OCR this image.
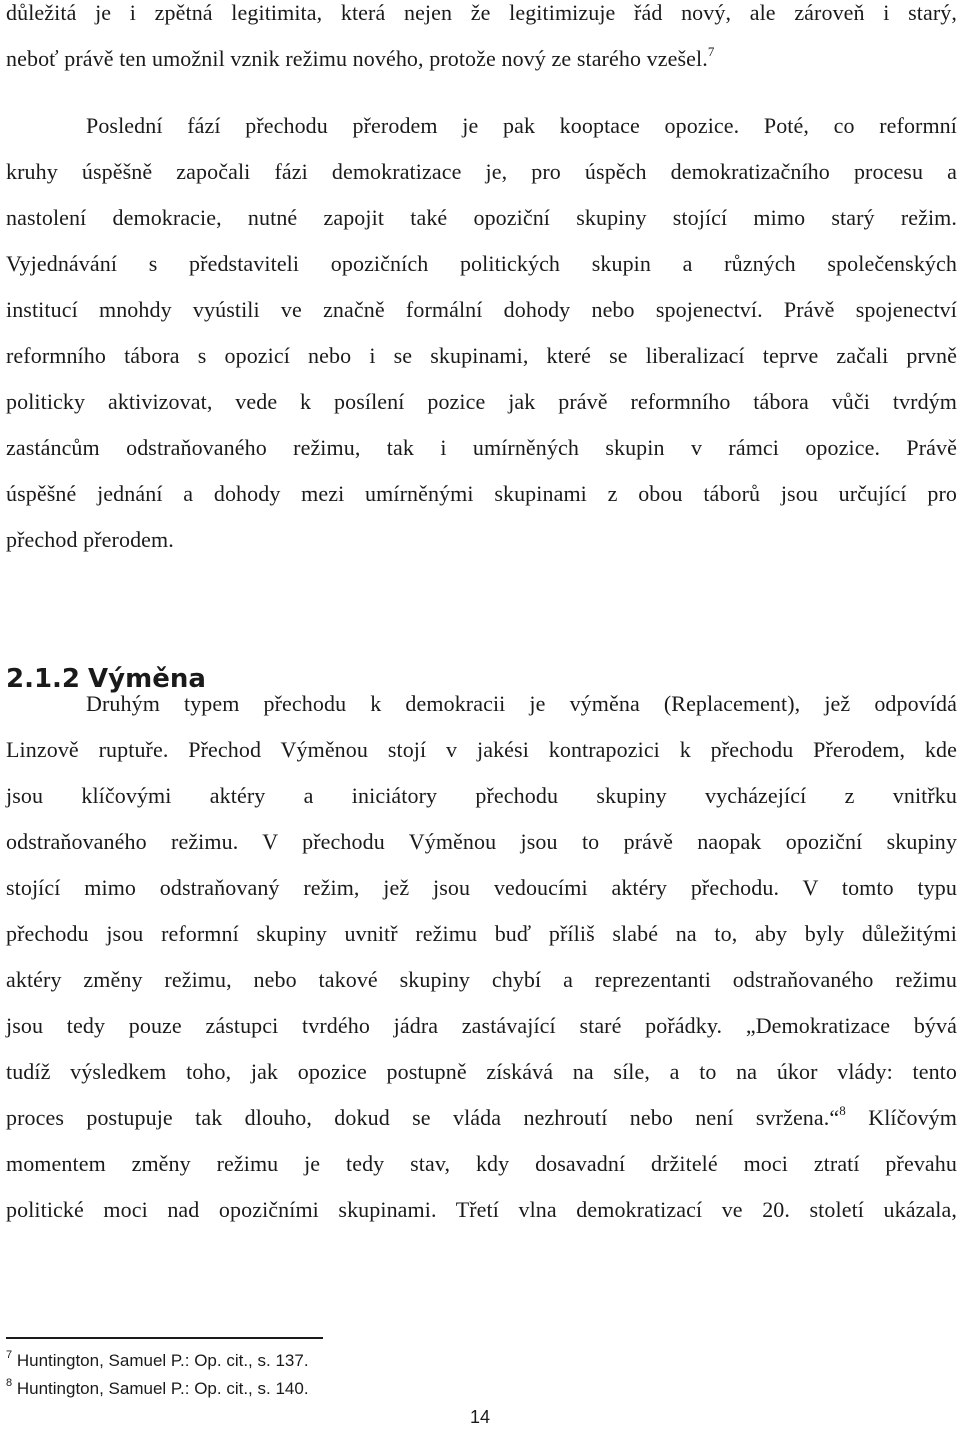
důležitá je i zpětná legitimita, která nejen že legitimizuje řád nový, ale zároveň i starý,
neboť právě ten umožnil vznik režimu nového, protože nový ze starého vzešel.$^7$

Poslední fází přechodu přerodem je pak kooptace opozice. Poté, co reformní
kruhy úspěšně započali fázi demokratizace je, pro úspěch demokratizačního procesu a
nastolení demokracie, nutné zapojit také opoziční skupiny stojící mimo starý režim.
Vyjednávání s představiteli opozičních politických skupin a různých společenských
institucí mnohdy vyústili ve značně formální dohody nebo spojenectví. Právě spojenectví
reformního tábora s opozicí nebo i se skupinami, které se liberalizací teprve začali prvně
politicky aktivizovat, vede k posílení pozice jak právě reformního tábora vůči tvrdým
zastáncům odstraňovaného režimu, tak i umírněných skupin v rámci opozice. Právě
úspěšné jednání a dohody mezi umírněnými skupinami z obou táborů jsou určující pro
přechod přerodem.

2.1.2 Výměna

Druhým typem přechodu k demokracii je výměna (Replacement), jež odpovídá
Linzově ruptuře. Přechod Výměnou stojí v jakési kontrapozici k přechodu Přerodem, kde
jsou klíčovými aktéry a iniciátory přechodu skupiny vycházející z vnitřku
odstraňovaného režimu. V přechodu Výměnou jsou to právě naopak opoziční skupiny
stojící mimo odstraňovaný režim, jež jsou vedoucími aktéry přechodu. V tomto typu
přechodu jsou reformní skupiny uvnitř režimu buď příliš slabé na to, aby byly důležitými
aktéry změny režimu, nebo takové skupiny chybí a reprezentanti odstraňovaného režimu
jsou tedy pouze zástupci tvrdého jádra zastávající staré pořádky. „Demokratizace bývá
tudíž výsledkem toho, jak opozice postupně získává na síle, a to na úkor vlády: tento
proces postupuje tak dlouho, dokud se vláda nezhroutí nebo není svržena.“$^8$ Klíčovým
momentem změny režimu je tedy stav, kdy dosavadní držitelé moci ztratí převahu
politické moci nad opozičními skupinami. Třetí vlna demokratizací ve 20. století ukázala,

$^7$ Huntington, Samuel P.: Op. cit., s. 137.
$^8$ Huntington, Samuel P.: Op. cit., s. 140.
14
